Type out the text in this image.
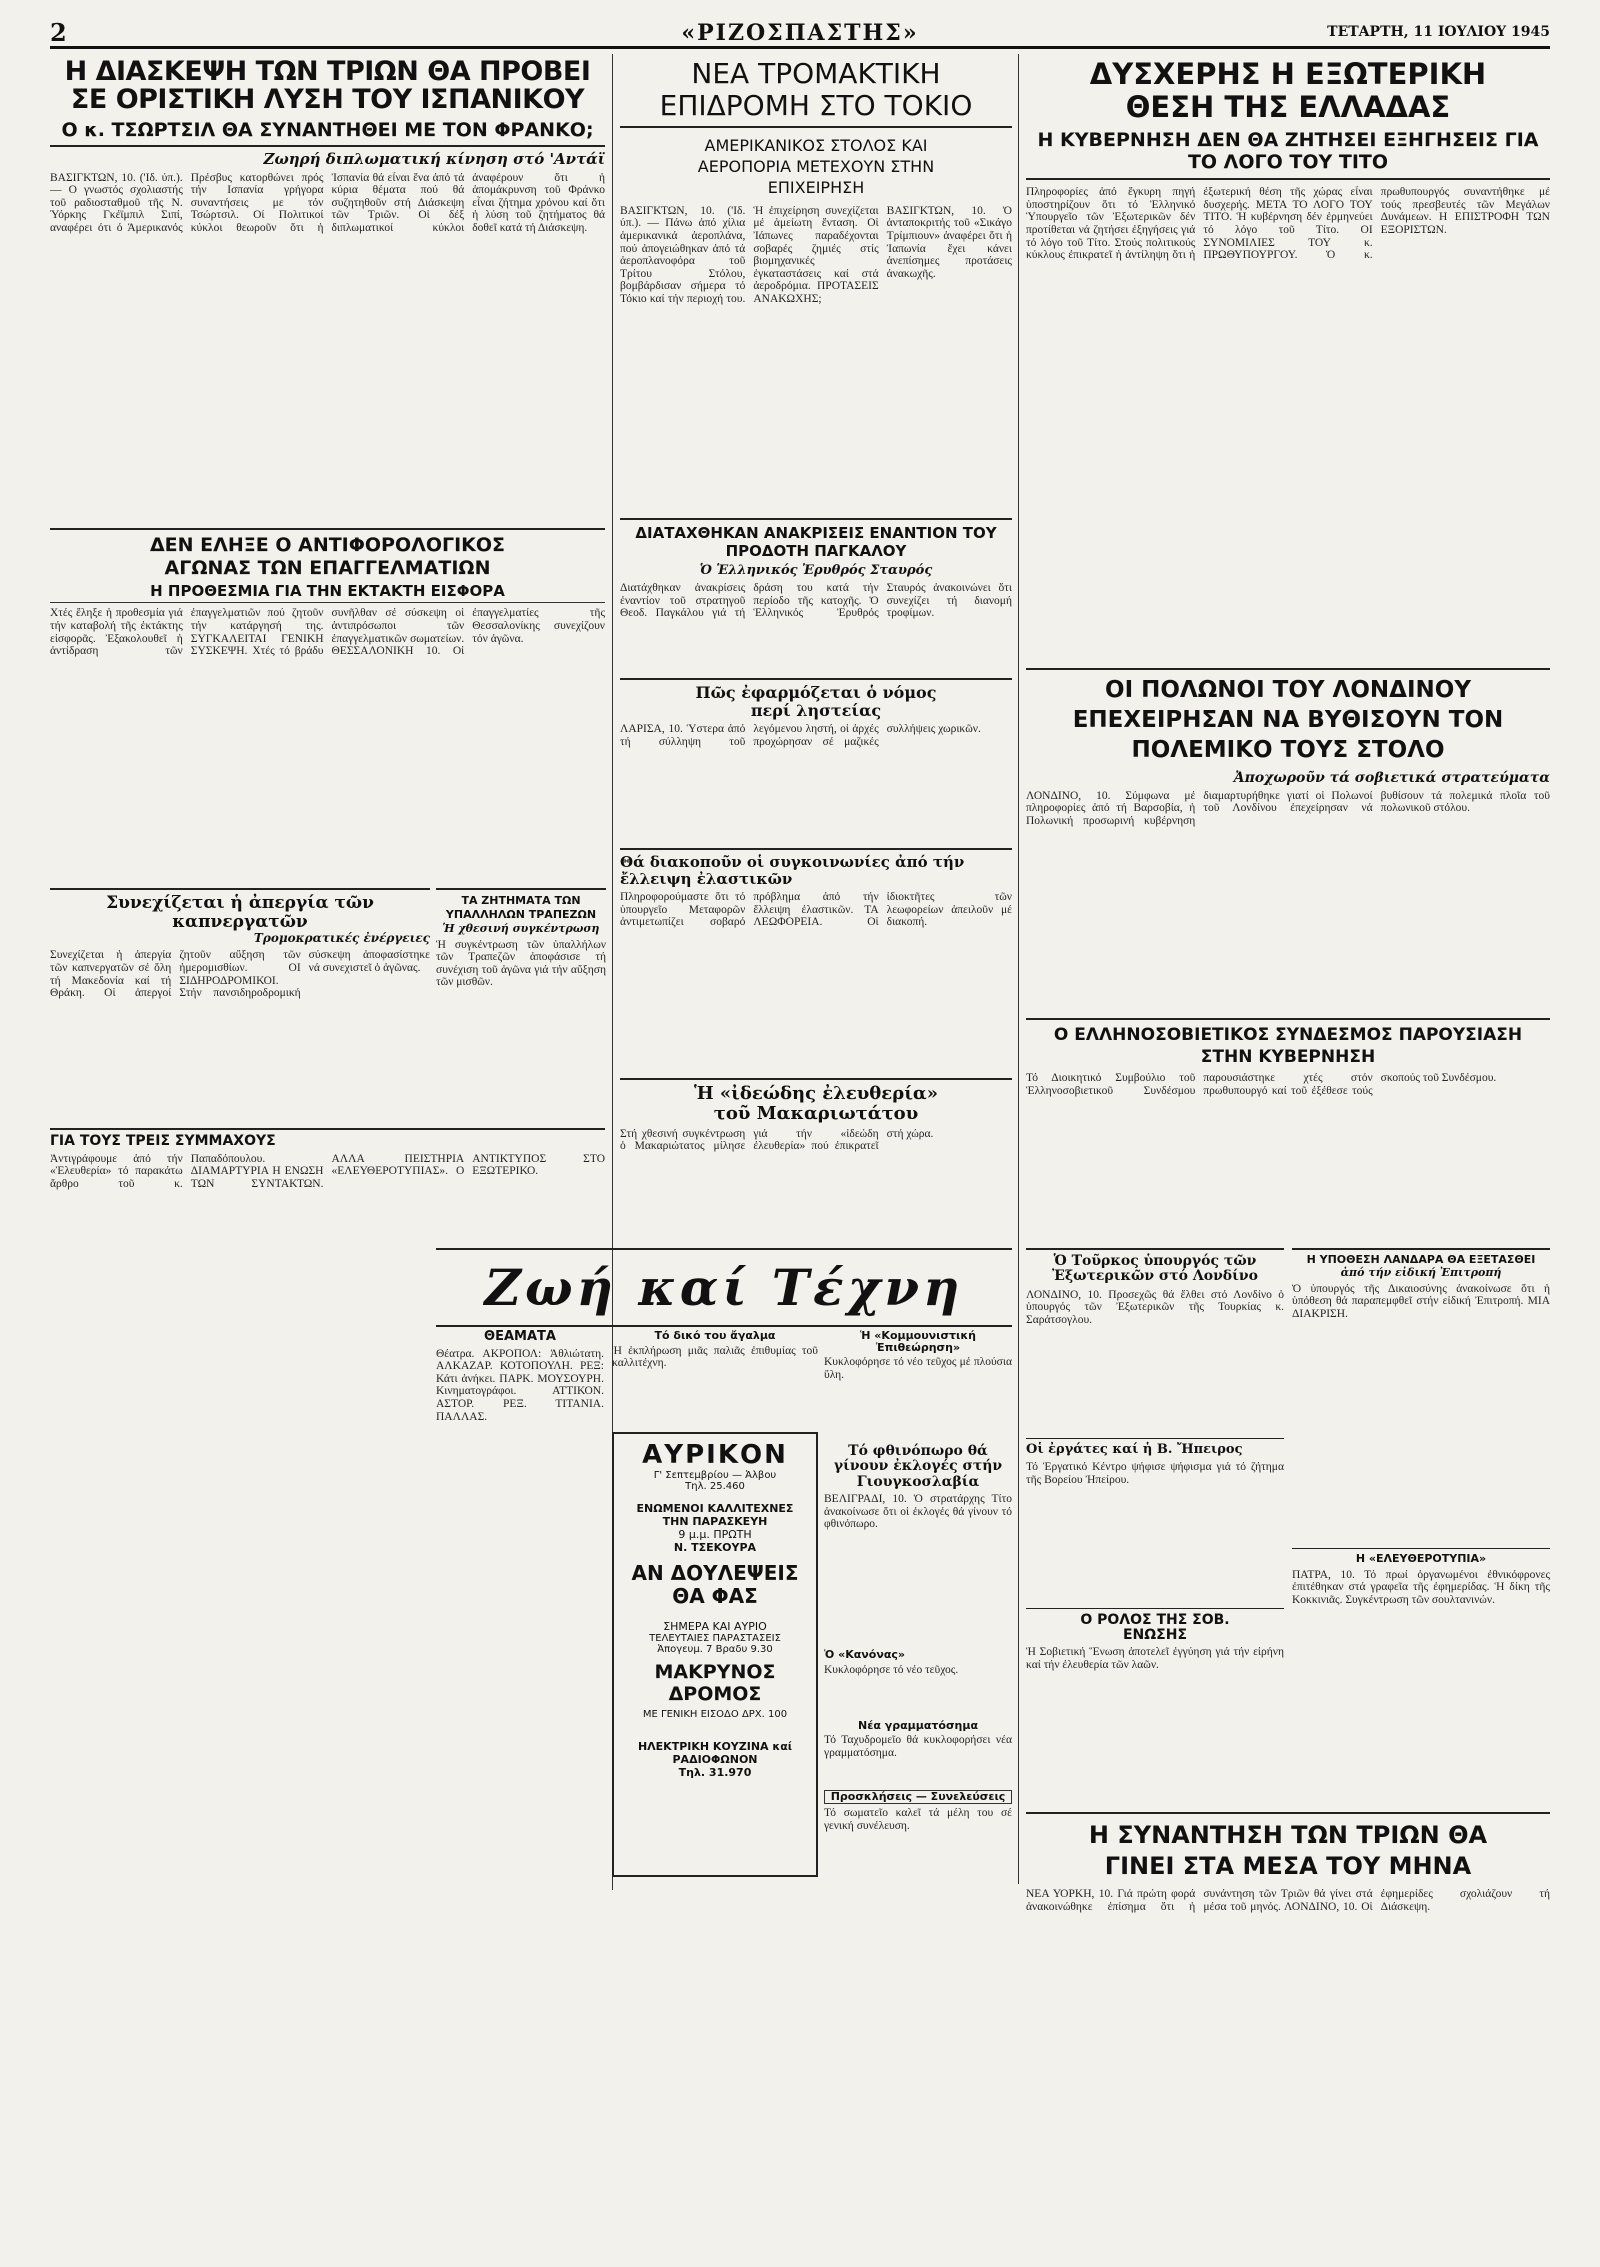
2	«ΡΙΖΟΣΠΑΣΤΗΣ»	ΤΕΤΑΡΤΗ, 11 ΙΟΥΛΙΟΥ 1945
Η ΔΙΑΣΚΕΨΗ ΤΩΝ ΤΡΙΩΝ ΘΑ ΠΡΟΒΕΙ ΣΕ ΟΡΙΣΤΙΚΗ ΛΥΣΗ ΤΟΥ ΙΣΠΑΝΙΚΟΥ
Ο κ. ΤΣΩΡΤΣΙΛ ΘΑ ΣΥΝΑΝΤΗΘΕΙ ΜΕ ΤΟΝ ΦΡΑΝΚΟ;
Ζωηρή διπλωματική κίνηση στό 'Αντάϊ
ΒΑΣΙΓΚΤΩΝ, 10. ('Ιδ. ύπ.). — Ο γνωστός σχολιαστής τοῦ ραδιοσταθμοῦ τῆς Ν. Ύόρκης Γκέϊμπιλ Σιπί, αναφέρει ότι ό Άμερικανός Πρέσβυς κατορθώνει πρός τήν Ισπανία γρήγορα συναντήσεις με τόν Τσώρτσιλ. Οί Πολιτικοί κύκλοι θεωροῦν ὅτι ἡ Ἰσπανία θά εἶναι ἕνα ἀπό τά κύρια θέματα πού θά συζητηθοῦν στή Διάσκεψη τῶν Τριῶν. Οἱ δέξ διπλωματικοί κύκλοι ἀναφέρουν ὅτι ἡ ἀπομάκρυνση τοῦ Φράνκο εἶναι ζήτημα χρόνου καί ὅτι ἡ λύση τοῦ ζητήματος θά δοθεῖ κατά τή Διάσκεψη.
ΝΕΑ ΤΡΟΜΑΚΤΙΚΗ ΕΠΙΔΡΟΜΗ ΣΤΟ ΤΟΚΙΟ
ΑΜΕΡΙΚΑΝΙΚΟΣ ΣΤΟΛΟΣ ΚΑΙ ΑΕΡΟΠΟΡΙΑ ΜΕΤΕΧΟΥΝ ΣΤΗΝ ΕΠΙΧΕΙΡΗΣΗ
ΒΑΣΙΓΚΤΩΝ, 10. ('Ιδ. ύπ.). — Πάνω ἀπό χίλια ἀμερικανικά ἀεροπλάνα, πού ἀπογειώθηκαν ἀπό τά ἀεροπλανοφόρα τοῦ Τρίτου Στόλου, βομβάρδισαν σήμερα τό Τόκιο καί τήν περιοχή του. Ἡ ἐπιχείρηση συνεχίζεται μέ ἀμείωτη ἔνταση. Οἱ Ἰάπωνες παραδέχονται σοβαρές ζημιές στίς βιομηχανικές ἐγκαταστάσεις καί στά ἀεροδρόμια. ΠΡΟΤΑΣΕΙΣ ΑΝΑΚΩΧΗΣ; ΒΑΣΙΓΚΤΩΝ, 10. Ὁ ἀνταποκριτής τοῦ «Σικάγο Τρίμπιουν» ἀναφέρει ὅτι ἡ Ἰαπωνία ἔχει κάνει ἀνεπίσημες προτάσεις ἀνακωχῆς.
ΔΙΑΤΑΧΘΗΚΑΝ ΑΝΑΚΡΙΣΕΙΣ ΕΝΑΝΤΙΟΝ ΤΟΥ ΠΡΟΔΟΤΗ ΠΑΓΚΑΛΟΥ
Ὁ Ἑλληνικός Ἐρυθρός Σταυρός
Διατάχθηκαν ἀνακρίσεις ἐναντίον τοῦ στρατηγοῦ Θεοδ. Παγκάλου γιά τή δράση του κατά τήν περίοδο τῆς κατοχῆς. Ὁ Ἑλληνικός Ἐρυθρός Σταυρός ἀνακοινώνει ὅτι συνεχίζει τή διανομή τροφίμων.
ΔΥΣΧΕΡΗΣ Η ΕΞΩΤΕΡΙΚΗ ΘΕΣΗ ΤΗΣ ΕΛΛΑΔΑΣ
Η ΚΥΒΕΡΝΗΣΗ ΔΕΝ ΘΑ ΖΗΤΗΣΕΙ ΕΞΗΓΗΣΕΙΣ ΓΙΑ ΤΟ ΛΟΓΟ ΤΟΥ ΤΙΤΟ
Πληροφορίες ἀπό ἔγκυρη πηγή ὑποστηρίζουν ὅτι τό Ἐλληνικό Ὑπουργεῖο τῶν Ἐξωτερικῶν δέν προτίθεται νά ζητήσει ἐξηγήσεις γιά τό λόγο τοῦ Τίτο. Στούς πολιτικούς κύκλους ἐπικρατεῖ ἡ ἀντίληψη ὅτι ἡ ἐξωτερική θέση τῆς χώρας εἶναι δυσχερής. ΜΕΤΑ ΤΟ ΛΟΓΟ ΤΟΥ ΤΙΤΟ. Ἡ κυβέρνηση δέν ἐρμηνεύει τό λόγο τοῦ Τίτο. ΟΙ ΣΥΝΟΜΙΛΙΕΣ ΤΟΥ κ. ΠΡΩΘΥΠΟΥΡΓΟΥ. Ὁ κ. πρωθυπουργός συναντήθηκε μέ τούς πρεσβευτές τῶν Μεγάλων Δυνάμεων. Η ΕΠΙΣΤΡΟΦΗ ΤΩΝ ΕΞΟΡΙΣΤΩΝ.
ΔΕΝ ΕΛΗΞΕ Ο ΑΝΤΙΦΟΡΟΛΟΓΙΚΟΣ ΑΓΩΝΑΣ ΤΩΝ ΕΠΑΓΓΕΛΜΑΤΙΩΝ
Η ΠΡΟΘΕΣΜΙΑ ΓΙΑ ΤΗΝ ΕΚΤΑΚΤΗ ΕΙΣΦΟΡΑ
Χτές ἔληξε ἡ προθεσμία γιά τήν καταβολή τῆς ἐκτάκτης εἰσφορᾶς. Ἐξακολουθεῖ ἡ ἀντίδραση τῶν ἐπαγγελματιῶν πού ζητοῦν τήν κατάργησή της. ΣΥΓΚΑΛΕΙΤΑΙ ΓΕΝΙΚΗ ΣΥΣΚΕΨΗ. Χτές τό βράδυ συνῆλθαν σέ σύσκεψη οἱ ἀντιπρόσωποι τῶν ἐπαγγελματικῶν σωματείων. ΘΕΣΣΑΛΟΝΙΚΗ 10. Οἱ ἐπαγγελματίες τῆς Θεσσαλονίκης συνεχίζουν τόν ἀγῶνα.
Συνεχίζεται ἡ ἀπεργία τῶν καπνεργατῶν
Τρομοκρατικές ἐνέργειες
Συνεχίζεται ἡ ἀπεργία τῶν καπνεργατῶν σέ ὅλη τή Μακεδονία καί τή Θράκη. Οἱ ἀπεργοί ζητοῦν αὔξηση τῶν ἡμερομισθίων. ΟΙ ΣΙΔΗΡΟΔΡΟΜΙΚΟΙ. Στήν πανσιδηροδρομική σύσκεψη ἀποφασίστηκε νά συνεχιστεῖ ὁ ἀγῶνας.
ΤΑ ΖΗΤΗΜΑΤΑ ΤΩΝ ΥΠΑΛΛΗΛΩΝ ΤΡΑΠΕΖΩΝ
Ἡ χθεσινή συγκέντρωση
Ἡ συγκέντρωση τῶν ὑπαλλήλων τῶν Τραπεζῶν ἀποφάσισε τή συνέχιση τοῦ ἀγῶνα γιά τήν αὔξηση τῶν μισθῶν.
ΓΙΑ ΤΟΥΣ ΤΡΕΙΣ ΣΥΜΜΑΧΟΥΣ
Ἀντιγράφουμε ἀπό τήν «Ἐλευθερία» τό παρακάτω ἄρθρο τοῦ κ. Παπαδόπουλου. ΔΙΑΜΑΡΤΥΡΙΑ Η ΕΝΩΣΗ ΤΩΝ ΣΥΝΤΑΚΤΩΝ. ΑΛΛΑ ΠΕΙΣΤΗΡΙΑ «ΕΛΕΥΘΕΡΟΤΥΠΙΑΣ». Ο ΑΝΤΙΚΤΥΠΟΣ ΣΤΟ ΕΞΩΤΕΡΙΚΟ.
Πῶς ἐφαρμόζεται ὁ νόμος περί ληστείας
ΛΑΡΙΣΑ, 10. Ὑστερα ἀπό τή σύλληψη τοῦ λεγόμενου ληστή, οἱ ἀρχές προχώρησαν σέ μαζικές συλλήψεις χωρικῶν.
Θά διακοποῦν οἱ συγκοινωνίες ἀπό τήν ἔλλειψη ἐλαστικῶν
Πληροφορούμαστε ὅτι τό ὑπουργεῖο Μεταφορῶν ἀντιμετωπίζει σοβαρό πρόβλημα ἀπό τήν ἔλλειψη ἐλαστικῶν. ΤΑ ΛΕΩΦΟΡΕΙΑ. Οἱ ἰδιοκτῆτες τῶν λεωφορείων ἀπειλοῦν μέ διακοπή.
Ἡ «ἰδεώδης ἐλευθερία» τοῦ Μακαριωτάτου
Στή χθεσινή συγκέντρωση ὁ Μακαριώτατος μίλησε γιά τήν «ἰδεώδη ἐλευθερία» πού ἐπικρατεῖ στή χώρα.
ΟΙ ΠΟΛΩΝΟΙ ΤΟΥ ΛΟΝΔΙΝΟΥ ΕΠΕΧΕΙΡΗΣΑΝ ΝΑ ΒΥΘΙΣΟΥΝ ΤΟΝ ΠΟΛΕΜΙΚΟ ΤΟΥΣ ΣΤΟΛΟ
Ἀποχωροῦν τά σοβιετικά στρατεύματα
ΛΟΝΔΙΝΟ, 10. Σύμφωνα μέ πληροφορίες ἀπό τή Βαρσοβία, ἡ Πολωνική προσωρινή κυβέρνηση διαμαρτυρήθηκε γιατί οἱ Πολωνοί τοῦ Λονδίνου ἐπεχείρησαν νά βυθίσουν τά πολεμικά πλοῖα τοῦ πολωνικοῦ στόλου.
Ο ΕΛΛΗΝΟΣΟΒΙΕΤΙΚΟΣ ΣΥΝΔΕΣΜΟΣ ΠΑΡΟΥΣΙΑΣΗ ΣΤΗΝ ΚΥΒΕΡΝΗΣΗ
Τό Διοικητικό Συμβούλιο τοῦ Ἑλληνοσοβιετικοῦ Συνδέσμου παρουσιάστηκε χτές στόν πρωθυπουργό καί τοῦ ἐξέθεσε τούς σκοπούς τοῦ Συνδέσμου.
Ζωή καί Τέχνη
ΘΕΑΜΑΤΑ
Θέατρα. ΑΚΡΟΠΟΛ: Ἀθλιώτατη. ΑΛΚΑΖΑΡ. ΚΟΤΟΠΟΥΛΗ. ΡΕΞ: Κάτι ἀνήκει. ΠΑΡΚ. ΜΟΥΣΟΥΡΗ. Κινηματογράφοι. ΑΤΤΙΚΟΝ. ΑΣΤΟΡ. ΡΕΞ. ΤΙΤΑΝΙΑ. ΠΑΛΛΑΣ.
ΑΥΡΙΚΟΝ
Γ' Σεπτεμβρίου — Ἀλβου
Τηλ. 25.460
ΕΝΩΜΕΝΟΙ ΚΑΛΛΙΤΕΧΝΕΣ
ΤΗΝ ΠΑΡΑΣΚΕΥΗ
9 μ.μ. ΠΡΩΤΗ
Ν. ΤΣΕΚΟΥΡΑ
ΑΝ ΔΟΥΛΕΨΕΙΣ ΘΑ ΦΑΣ
ΣΗΜΕΡΑ ΚΑΙ ΑΥΡΙΟ
ΤΕΛΕΥΤΑΙΕΣ ΠΑΡΑΣΤΑΣΕΙΣ
Ἀπογευμ. 7 Βραδυ 9.30
ΜΑΚΡΥΝΟΣ ΔΡΟΜΟΣ
ΜΕ ΓΕΝΙΚΗ ΕΙΣΟΔΟ ΔΡΧ. 100
ΗΛΕΚΤΡΙΚΗ ΚΟΥΖΙΝΑ καί ΡΑΔΙΟΦΩΝΟΝ
Τηλ. 31.970
Τό δικό του ἄγαλμα
Ἡ ἐκπλήρωση μιᾶς παλιᾶς ἐπιθυμίας τοῦ καλλιτέχνη.
Ἡ «Κομμουνιστική Ἐπιθεώρηση»
Κυκλοφόρησε τό νέο τεῦχος μέ πλούσια ὕλη.
Τό φθινόπωρο θά γίνουν ἐκλογές στήν Γιουγκοσλαβία
ΒΕΛΙΓΡΑΔΙ, 10. Ὁ στρατάρχης Τίτο ἀνακοίνωσε ὅτι οἱ ἐκλογές θά γίνουν τό φθινόπωρο.
Ὁ «Κανόνας»
Κυκλοφόρησε τό νέο τεῦχος.
Νέα γραμματόσημα
Τό Ταχυδρομεῖο θά κυκλοφορήσει νέα γραμματόσημα.
Προσκλήσεις — Συνελεύσεις
Τό σωματεῖο καλεῖ τά μέλη του σέ γενική συνέλευση.
Ὁ Τοῦρκος ὑπουργός τῶν Ἐξωτερικῶν στό Λονδίνο
ΛΟΝΔΙΝΟ, 10. Προσεχῶς θά ἔλθει στό Λονδίνο ὁ ὑπουργός τῶν Ἐξωτερικῶν τῆς Τουρκίας κ. Σαράτσογλου.
Οἱ ἐργάτες καί ἡ Β. Ἤπειρος
Τό Ἐργατικό Κέντρο ψήφισε ψήφισμα γιά τό ζήτημα τῆς Βορείου Ἠπείρου.
Ο ΡΟΛΟΣ ΤΗΣ ΣΟΒ. ΕΝΩΣΗΣ
Ἡ Σοβιετική Ἕνωση ἀποτελεῖ ἐγγύηση γιά τήν εἰρήνη καί τήν ἐλευθερία τῶν λαῶν.
Η ΥΠΟΘΕΣΗ ΛΑΝΔΑΡΑ ΘΑ ΕΞΕΤΑΣΘΕΙ
ἀπό τήν εἰδική Ἐπιτροπή
Ὁ ὑπουργός τῆς Δικαιοσύνης ἀνακοίνωσε ὅτι ἡ ὑπόθεση θά παραπεμφθεῖ στήν εἰδική Ἐπιτροπή. ΜΙΑ ΔΙΑΚΡΙΣΗ.
Η «ΕΛΕΥΘΕΡΟΤΥΠΙΑ»
ΠΑΤΡΑ, 10. Τό πρωί ὀργανωμένοι ἐθνικόφρονες ἐπιτέθηκαν στά γραφεῖα τῆς ἐφημερίδας. Ἡ δίκη τῆς Κοκκινιᾶς. Συγκέντρωση τῶν σουλτανινών.
Η ΣΥΝΑΝΤΗΣΗ ΤΩΝ ΤΡΙΩΝ ΘΑ ΓΙΝΕΙ ΣΤΑ ΜΕΣΑ ΤΟΥ ΜΗΝΑ
ΝΕΑ ΥΟΡΚΗ, 10. Γιά πρώτη φορά ἀνακοινώθηκε ἐπίσημα ὅτι ἡ συνάντηση τῶν Τριῶν θά γίνει στά μέσα τοῦ μηνός. ΛΟΝΔΙΝΟ, 10. Οἱ ἐφημερίδες σχολιάζουν τή Διάσκεψη.
